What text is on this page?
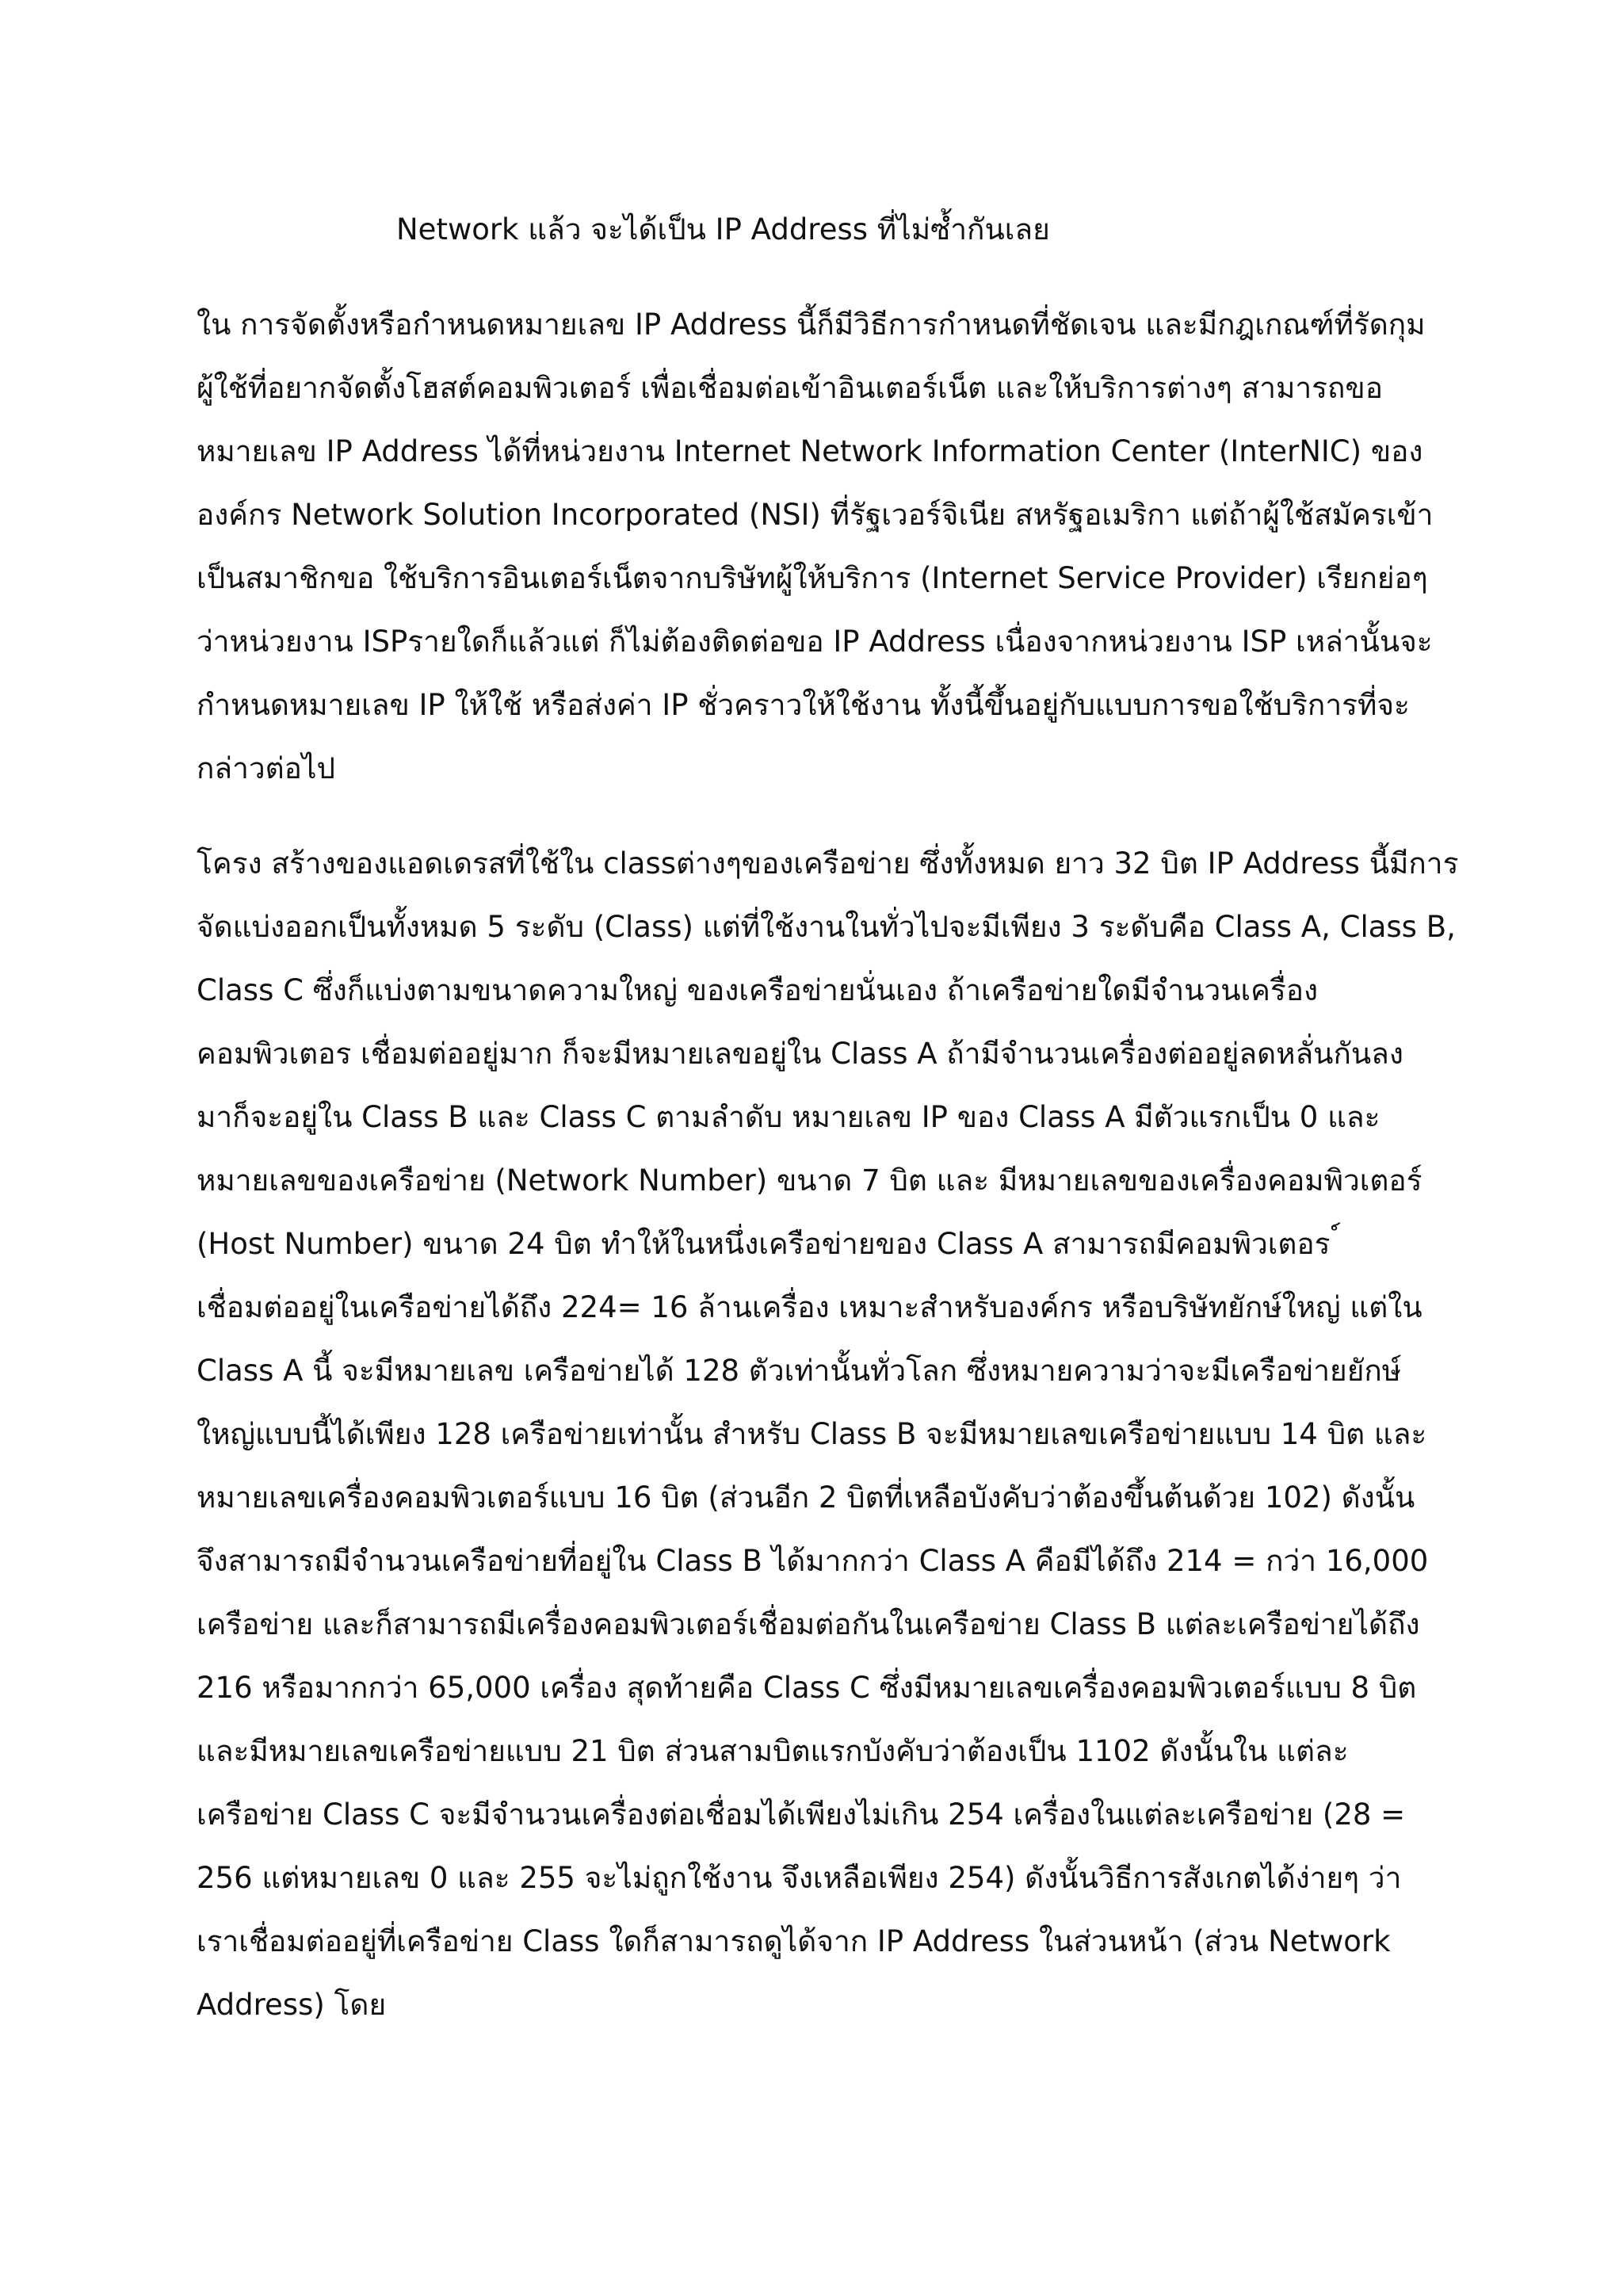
Network แล้ว จะได้เป็น IP Address ที่ไม่ซ้ำกันเลย

ใน การจัดตั้งหรือกำหนดหมายเลข IP Address นี้ก็มีวิธีการกำหนดที่ชัดเจน และมีกฎเกณฑ์ที่รัดกุม
ผู้ใช้ที่อยากจัดตั้งโฮสต์คอมพิวเตอร์ เพื่อเชื่อมต่อเข้าอินเตอร์เน็ต และให้บริการต่างๆ สามารถขอ
หมายเลข IP Address ได้ที่หน่วยงาน Internet Network Information Center (InterNIC) ของ
องค์กร Network Solution Incorporated (NSI) ที่รัฐเวอร์จิเนีย สหรัฐอเมริกา แต่ถ้าผู้ใช้สมัครเข้า
เป็นสมาชิกขอ ใช้บริการอินเตอร์เน็ตจากบริษัทผู้ให้บริการ (Internet Service Provider) เรียกย่อๆ
ว่าหน่วยงาน ISPรายใดก็แล้วแต่ ก็ไม่ต้องติดต่อขอ IP Address เนื่องจากหน่วยงาน ISP เหล่านั้นจะ
กำหนดหมายเลข IP ให้ใช้ หรือส่งค่า IP ชั่วคราวให้ใช้งาน ทั้งนี้ขึ้นอยู่กับแบบการขอใช้บริการที่จะ
กล่าวต่อไป
โครง สร้างของแอดเดรสที่ใช้ใน classต่างๆของเครือข่าย ซึ่งทั้งหมด ยาว 32 บิต IP Address นี้มีการ
จัดแบ่งออกเป็นทั้งหมด 5 ระดับ (Class) แต่ที่ใช้งานในทั่วไปจะมีเพียง 3 ระดับคือ Class A, Class B,
Class C ซึ่งก็แบ่งตามขนาดความใหญ่ ของเครือข่ายนั่นเอง ถ้าเครือข่ายใดมีจำนวนเครื่อง
คอมพิวเตอร เชื่อมต่ออยู่มาก ก็จะมีหมายเลขอยู่ใน Class A ถ้ามีจำนวนเครื่องต่ออยู่ลดหลั่นกันลง
มาก็จะอยู่ใน Class B และ Class C ตามลำดับ หมายเลข IP ของ Class A มีตัวแรกเป็น 0 และ
หมายเลขของเครือข่าย (Network Number) ขนาด 7 บิต และ มีหมายเลขของเครื่องคอมพิวเตอร์
(Host Number) ขนาด 24 บิต ทำให้ในหนึ่งเครือข่ายของ Class A สามารถมีคอมพิวเตอร ์
เชื่อมต่ออยู่ในเครือข่ายได้ถึง 224= 16 ล้านเครื่อง เหมาะสำหรับองค์กร หรือบริษัทยักษ์ใหญ่ แต่ใน
Class A นี้ จะมีหมายเลข เครือข่ายได้ 128 ตัวเท่านั้นทั่วโลก ซึ่งหมายความว่าจะมีเครือข่ายยักษ์
ใหญ่แบบนี้ได้เพียง 128 เครือข่ายเท่านั้น สำหรับ Class B จะมีหมายเลขเครือข่ายแบบ 14 บิต และ
หมายเลขเครื่องคอมพิวเตอร์แบบ 16 บิต (ส่วนอีก 2 บิตที่เหลือบังคับว่าต้องขึ้นต้นด้วย 102) ดังนั้น
จึงสามารถมีจำนวนเครือข่ายที่อยู่ใน Class B ได้มากกว่า Class A คือมีได้ถึง 214 = กว่า 16,000
เครือข่าย และก็สามารถมีเครื่องคอมพิวเตอร์เชื่อมต่อกันในเครือข่าย Class B แต่ละเครือข่ายได้ถึง
216 หรือมากกว่า 65,000 เครื่อง สุดท้ายคือ Class C ซึ่งมีหมายเลขเครื่องคอมพิวเตอร์แบบ 8 บิต
และมีหมายเลขเครือข่ายแบบ 21 บิต ส่วนสามบิตแรกบังคับว่าต้องเป็น 1102 ดังนั้นใน แต่ละ
เครือข่าย Class C จะมีจำนวนเครื่องต่อเชื่อมได้เพียงไม่เกิน 254 เครื่องในแต่ละเครือข่าย (28 =
256 แต่หมายเลข 0 และ 255 จะไม่ถูกใช้งาน จึงเหลือเพียง 254) ดังนั้นวิธีการสังเกตได้ง่ายๆ ว่า
เราเชื่อมต่ออยู่ที่เครือข่าย Class ใดก็สามารถดูได้จาก IP Address ในส่วนหน้า (ส่วน Network
Address) โดย
